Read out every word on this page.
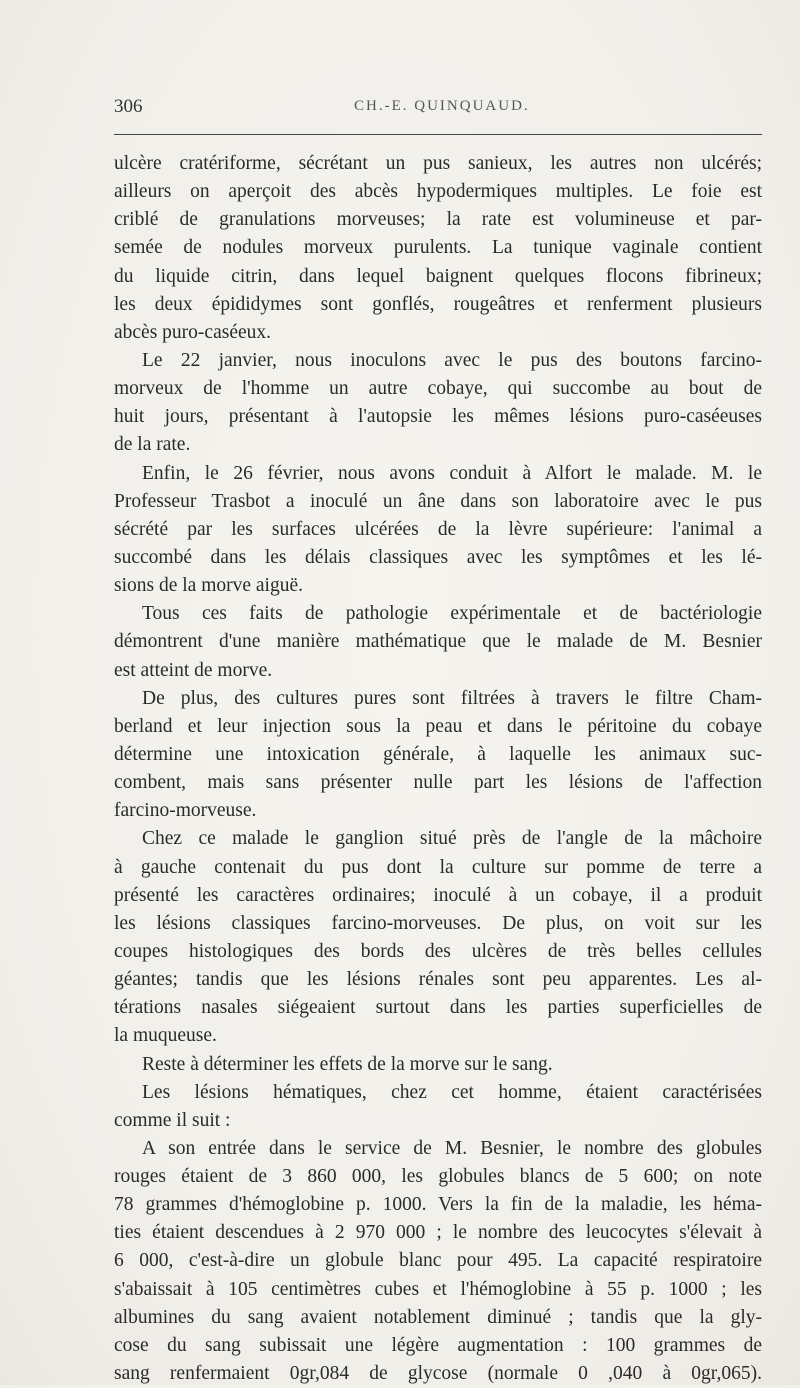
306	CH.-E. QUINQUAUD.
ulcère cratériforme, sécrétant un pus sanieux, les autres non ulcérés;
ailleurs on aperçoit des abcès hypodermiques multiples. Le foie est
criblé de granulations morveuses; la rate est volumineuse et par-
semée de nodules morveux purulents. La tunique vaginale contient
du liquide citrin, dans lequel baignent quelques flocons fibrineux;
les deux épididymes sont gonflés, rougeâtres et renferment plusieurs
abcès puro-caséeux.
Le 22 janvier, nous inoculons avec le pus des boutons farcino-
morveux de l'homme un autre cobaye, qui succombe au bout de
huit jours, présentant à l'autopsie les mêmes lésions puro-caséeuses
de la rate.
Enfin, le 26 février, nous avons conduit à Alfort le malade. M. le
Professeur Trasbot a inoculé un âne dans son laboratoire avec le pus
sécrété par les surfaces ulcérées de la lèvre supérieure: l'animal a
succombé dans les délais classiques avec les symptômes et les lé-
sions de la morve aiguë.
Tous ces faits de pathologie expérimentale et de bactériologie
démontrent d'une manière mathématique que le malade de M. Besnier
est atteint de morve.
De plus, des cultures pures sont filtrées à travers le filtre Cham-
berland et leur injection sous la peau et dans le péritoine du cobaye
détermine une intoxication générale, à laquelle les animaux suc-
combent, mais sans présenter nulle part les lésions de l'affection
farcino-morveuse.
Chez ce malade le ganglion situé près de l'angle de la mâchoire
à gauche contenait du pus dont la culture sur pomme de terre a
présenté les caractères ordinaires; inoculé à un cobaye, il a produit
les lésions classiques farcino-morveuses. De plus, on voit sur les
coupes histologiques des bords des ulcères de très belles cellules
géantes; tandis que les lésions rénales sont peu apparentes. Les al-
térations nasales siégeaient surtout dans les parties superficielles de
la muqueuse.
Reste à déterminer les effets de la morve sur le sang.
Les lésions hématiques, chez cet homme, étaient caractérisées
comme il suit :
A son entrée dans le service de M. Besnier, le nombre des globules
rouges étaient de 3 860 000, les globules blancs de 5 600; on note
78 grammes d'hémoglobine p. 1000. Vers la fin de la maladie, les héma-
ties étaient descendues à 2 970 000 ; le nombre des leucocytes s'élevait à
6 000, c'est-à-dire un globule blanc pour 495. La capacité respiratoire
s'abaissait à 105 centimètres cubes et l'hémoglobine à 55 p. 1000 ; les
albumines du sang avaient notablement diminué ; tandis que la gly-
cose du sang subissait une légère augmentation : 100 grammes de
sang renfermaient 0gr,084 de glycose (normale 0 ,040 à 0gr,065).
